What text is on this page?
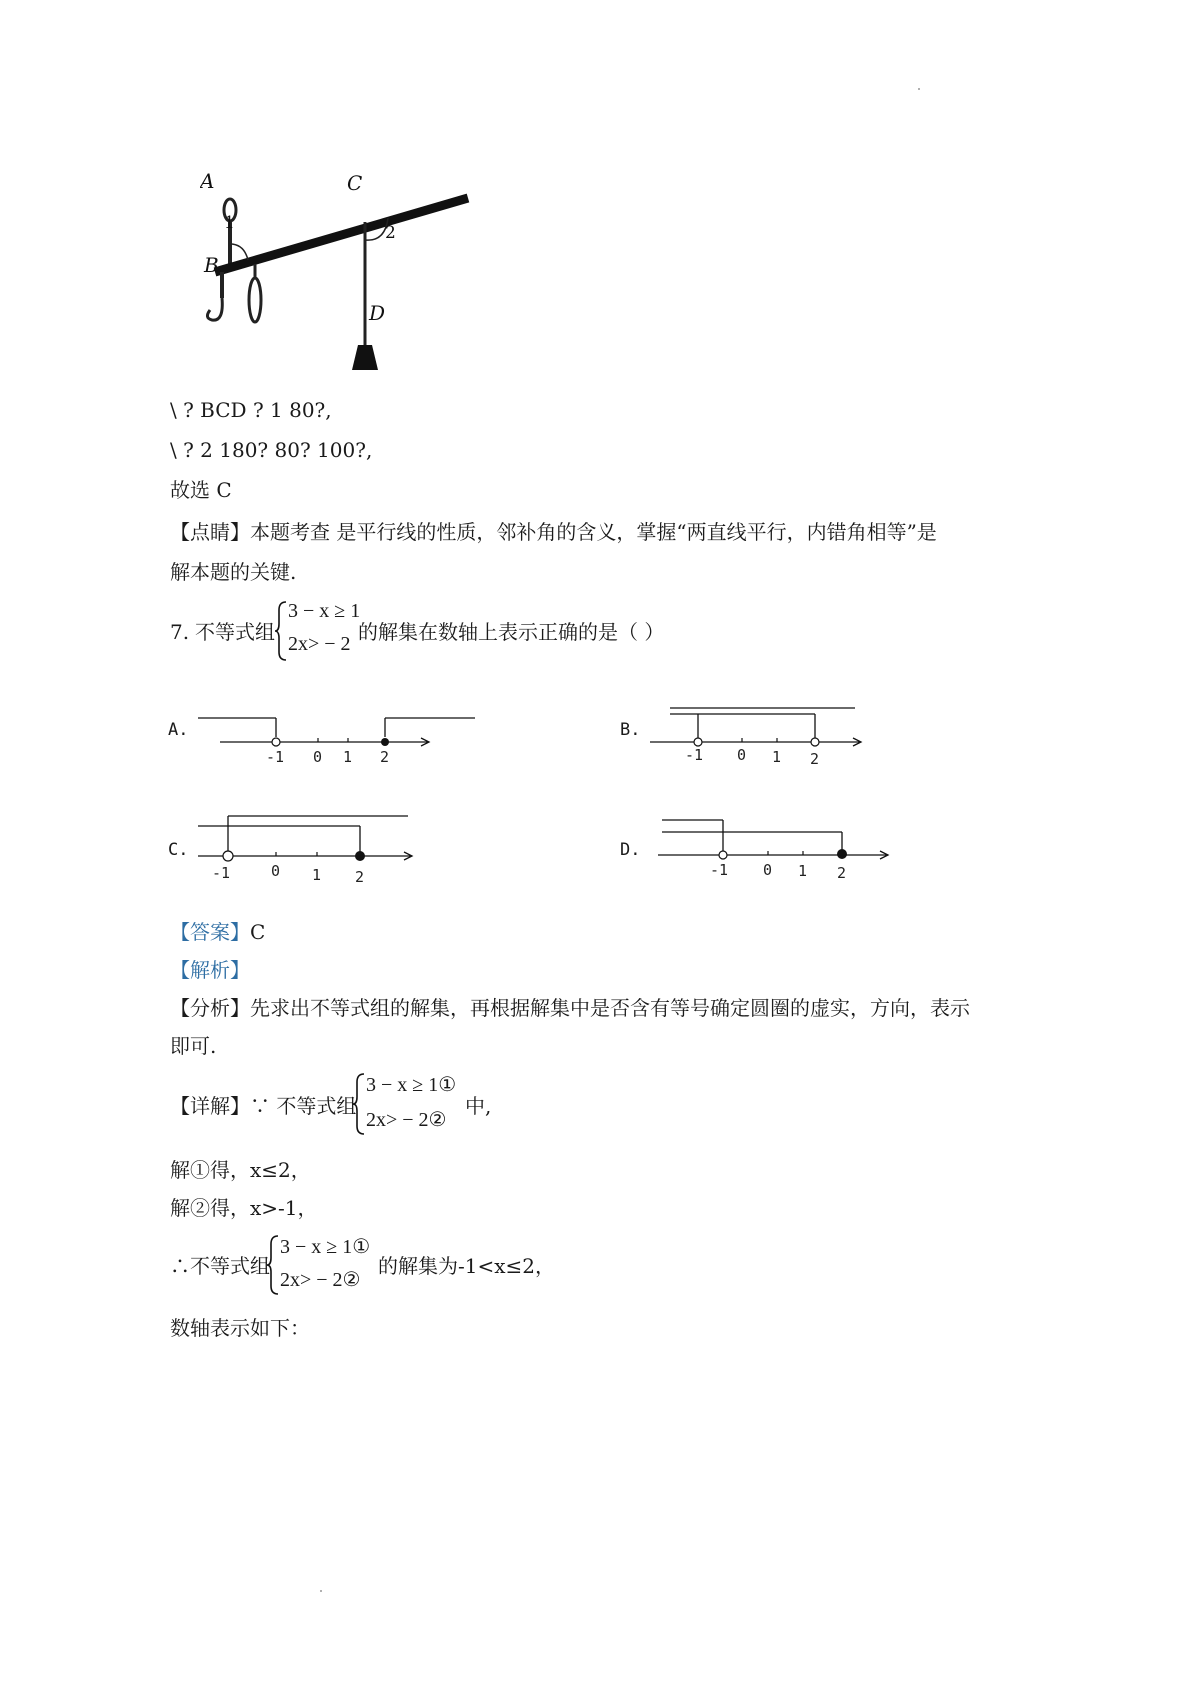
A
1
B
C
2
D
\ ? BCD ? 1 80?,
\ ? 2 180? 80? 100?,
故选 C
【点睛】本题考查 是平行线的性质，邻补角的含义，掌握“两直线平行，内错角相等”是
解本题的关键.
7. 不等式组
3 − x ≥ 1
2x> − 2 的解集在数轴上表示正确的是（ ）
A.
-1 0 1 2
B.
-1 0 1 2
C.
-1	0 1 2
D.
-1 0 1 2
【答案】C
【解析】
【分析】先求出不等式组的解集，再根据解集中是否含有等号确定圆圈的虚实，方向，表示
即可.
【详解】∵ 不等式组
3 − x ≥ 1①
2x> − 2②
中,
解①得，x≤2，
解②得，x>-1，
∴不等式组
3 − x ≥ 1①
2x> − 2②
的解集为-1<x≤2，
数轴表示如下：
